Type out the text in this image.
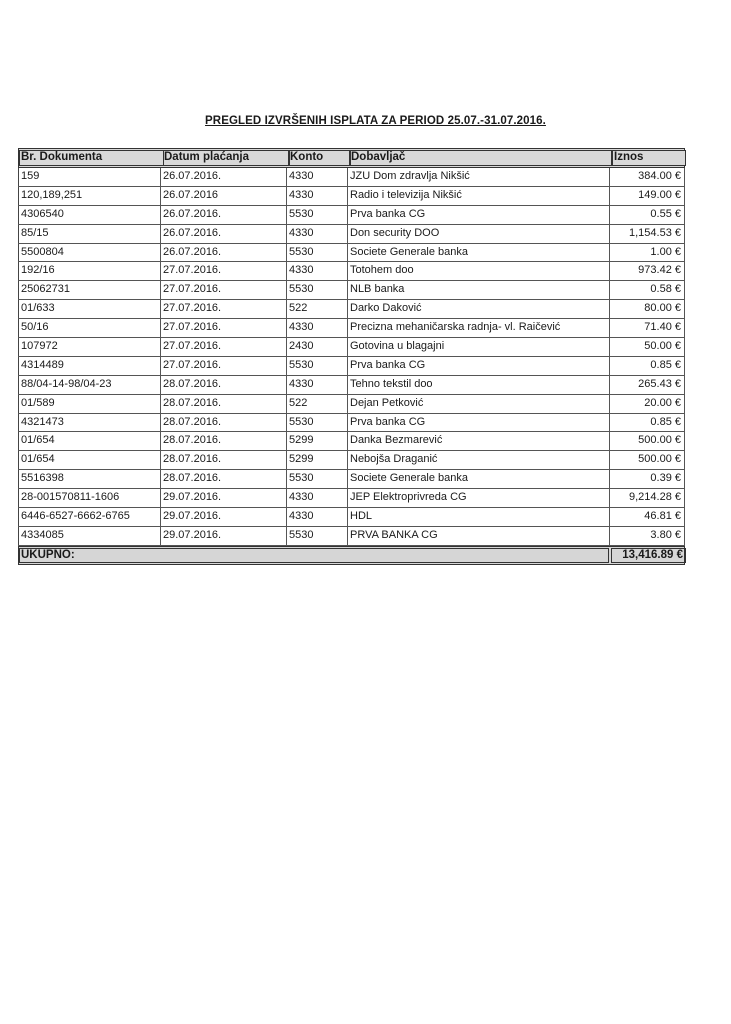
PREGLED IZVRŠENIH ISPLATA ZA PERIOD 25.07.-31.07.2016.
Br. Dokumenta	Datum plaćanja	Konto	Dobavljač	Iznos
159	26.07.2016.	4330	JZU Dom zdravlja Nikšić	384.00 €
120,189,251	26.07.2016	4330	Radio i televizija Nikšić	149.00 €
4306540	26.07.2016.	5530	Prva banka CG	0.55 €
85/15	26.07.2016.	4330	Don security DOO	1,154.53 €
5500804	26.07.2016.	5530	Societe Generale banka	1.00 €
192/16	27.07.2016.	4330	Totohem doo	973.42 €
25062731	27.07.2016.	5530	NLB banka	0.58 €
01/633	27.07.2016.	522	Darko Daković	80.00 €
50/16	27.07.2016.	4330	Precizna mehaničarska radnja- vl. Raičević	71.40 €
107972	27.07.2016.	2430	Gotovina u blagajni	50.00 €
4314489	27.07.2016.	5530	Prva banka CG	0.85 €
88/04-14-98/04-23	28.07.2016.	4330	Tehno tekstil doo	265.43 €
01/589	28.07.2016.	522	Dejan Petković	20.00 €
4321473	28.07.2016.	5530	Prva banka CG	0.85 €
01/654	28.07.2016.	5299	Danka Bezmarević	500.00 €
01/654	28.07.2016.	5299	Nebojša Draganić	500.00 €
5516398	28.07.2016.	5530	Societe Generale banka	0.39 €
28-001570811-1606	29.07.2016.	4330	JEP Elektroprivreda CG	9,214.28 €
6446-6527-6662-6765	29.07.2016.	4330	HDL	46.81 €
4334085	29.07.2016.	5530	PRVA BANKA CG	3.80 €
UKUPNO:	13,416.89 €
